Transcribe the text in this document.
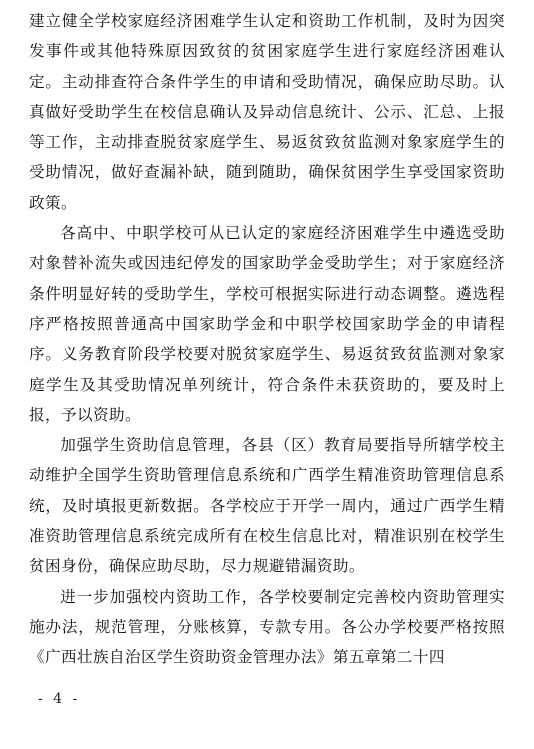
建立健全学校家庭经济困难学生认定和资助工作机制，及时为因突发事件或其他特殊原因致贫的贫困家庭学生进行家庭经济困难认定。主动排查符合条件学生的申请和受助情况，确保应助尽助。认真做好受助学生在校信息确认及异动信息统计、公示、汇总、上报等工作，主动排查脱贫家庭学生、易返贫致贫监测对象家庭学生的受助情况，做好查漏补缺，随到随助，确保贫困学生享受国家资助政策。

各高中、中职学校可从已认定的家庭经济困难学生中遴选受助对象替补流失或因违纪停发的国家助学金受助学生；对于家庭经济条件明显好转的受助学生，学校可根据实际进行动态调整。遴选程序严格按照普通高中国家助学金和中职学校国家助学金的申请程序。义务教育阶段学校要对脱贫家庭学生、易返贫致贫监测对象家庭学生及其受助情况单列统计，符合条件未获资助的，要及时上报，予以资助。

加强学生资助信息管理，各县（区）教育局要指导所辖学校主动维护全国学生资助管理信息系统和广西学生精准资助管理信息系统，及时填报更新数据。各学校应于开学一周内，通过广西学生精准资助管理信息系统完成所有在校生信息比对，精准识别在校学生贫困身份，确保应助尽助，尽力规避错漏资助。

进一步加强校内资助工作，各学校要制定完善校内资助管理实施办法，规范管理，分账核算，专款专用。各公办学校要严格按照《广西壮族自治区学生资助资金管理办法》第五章第二十四

- 4 -
